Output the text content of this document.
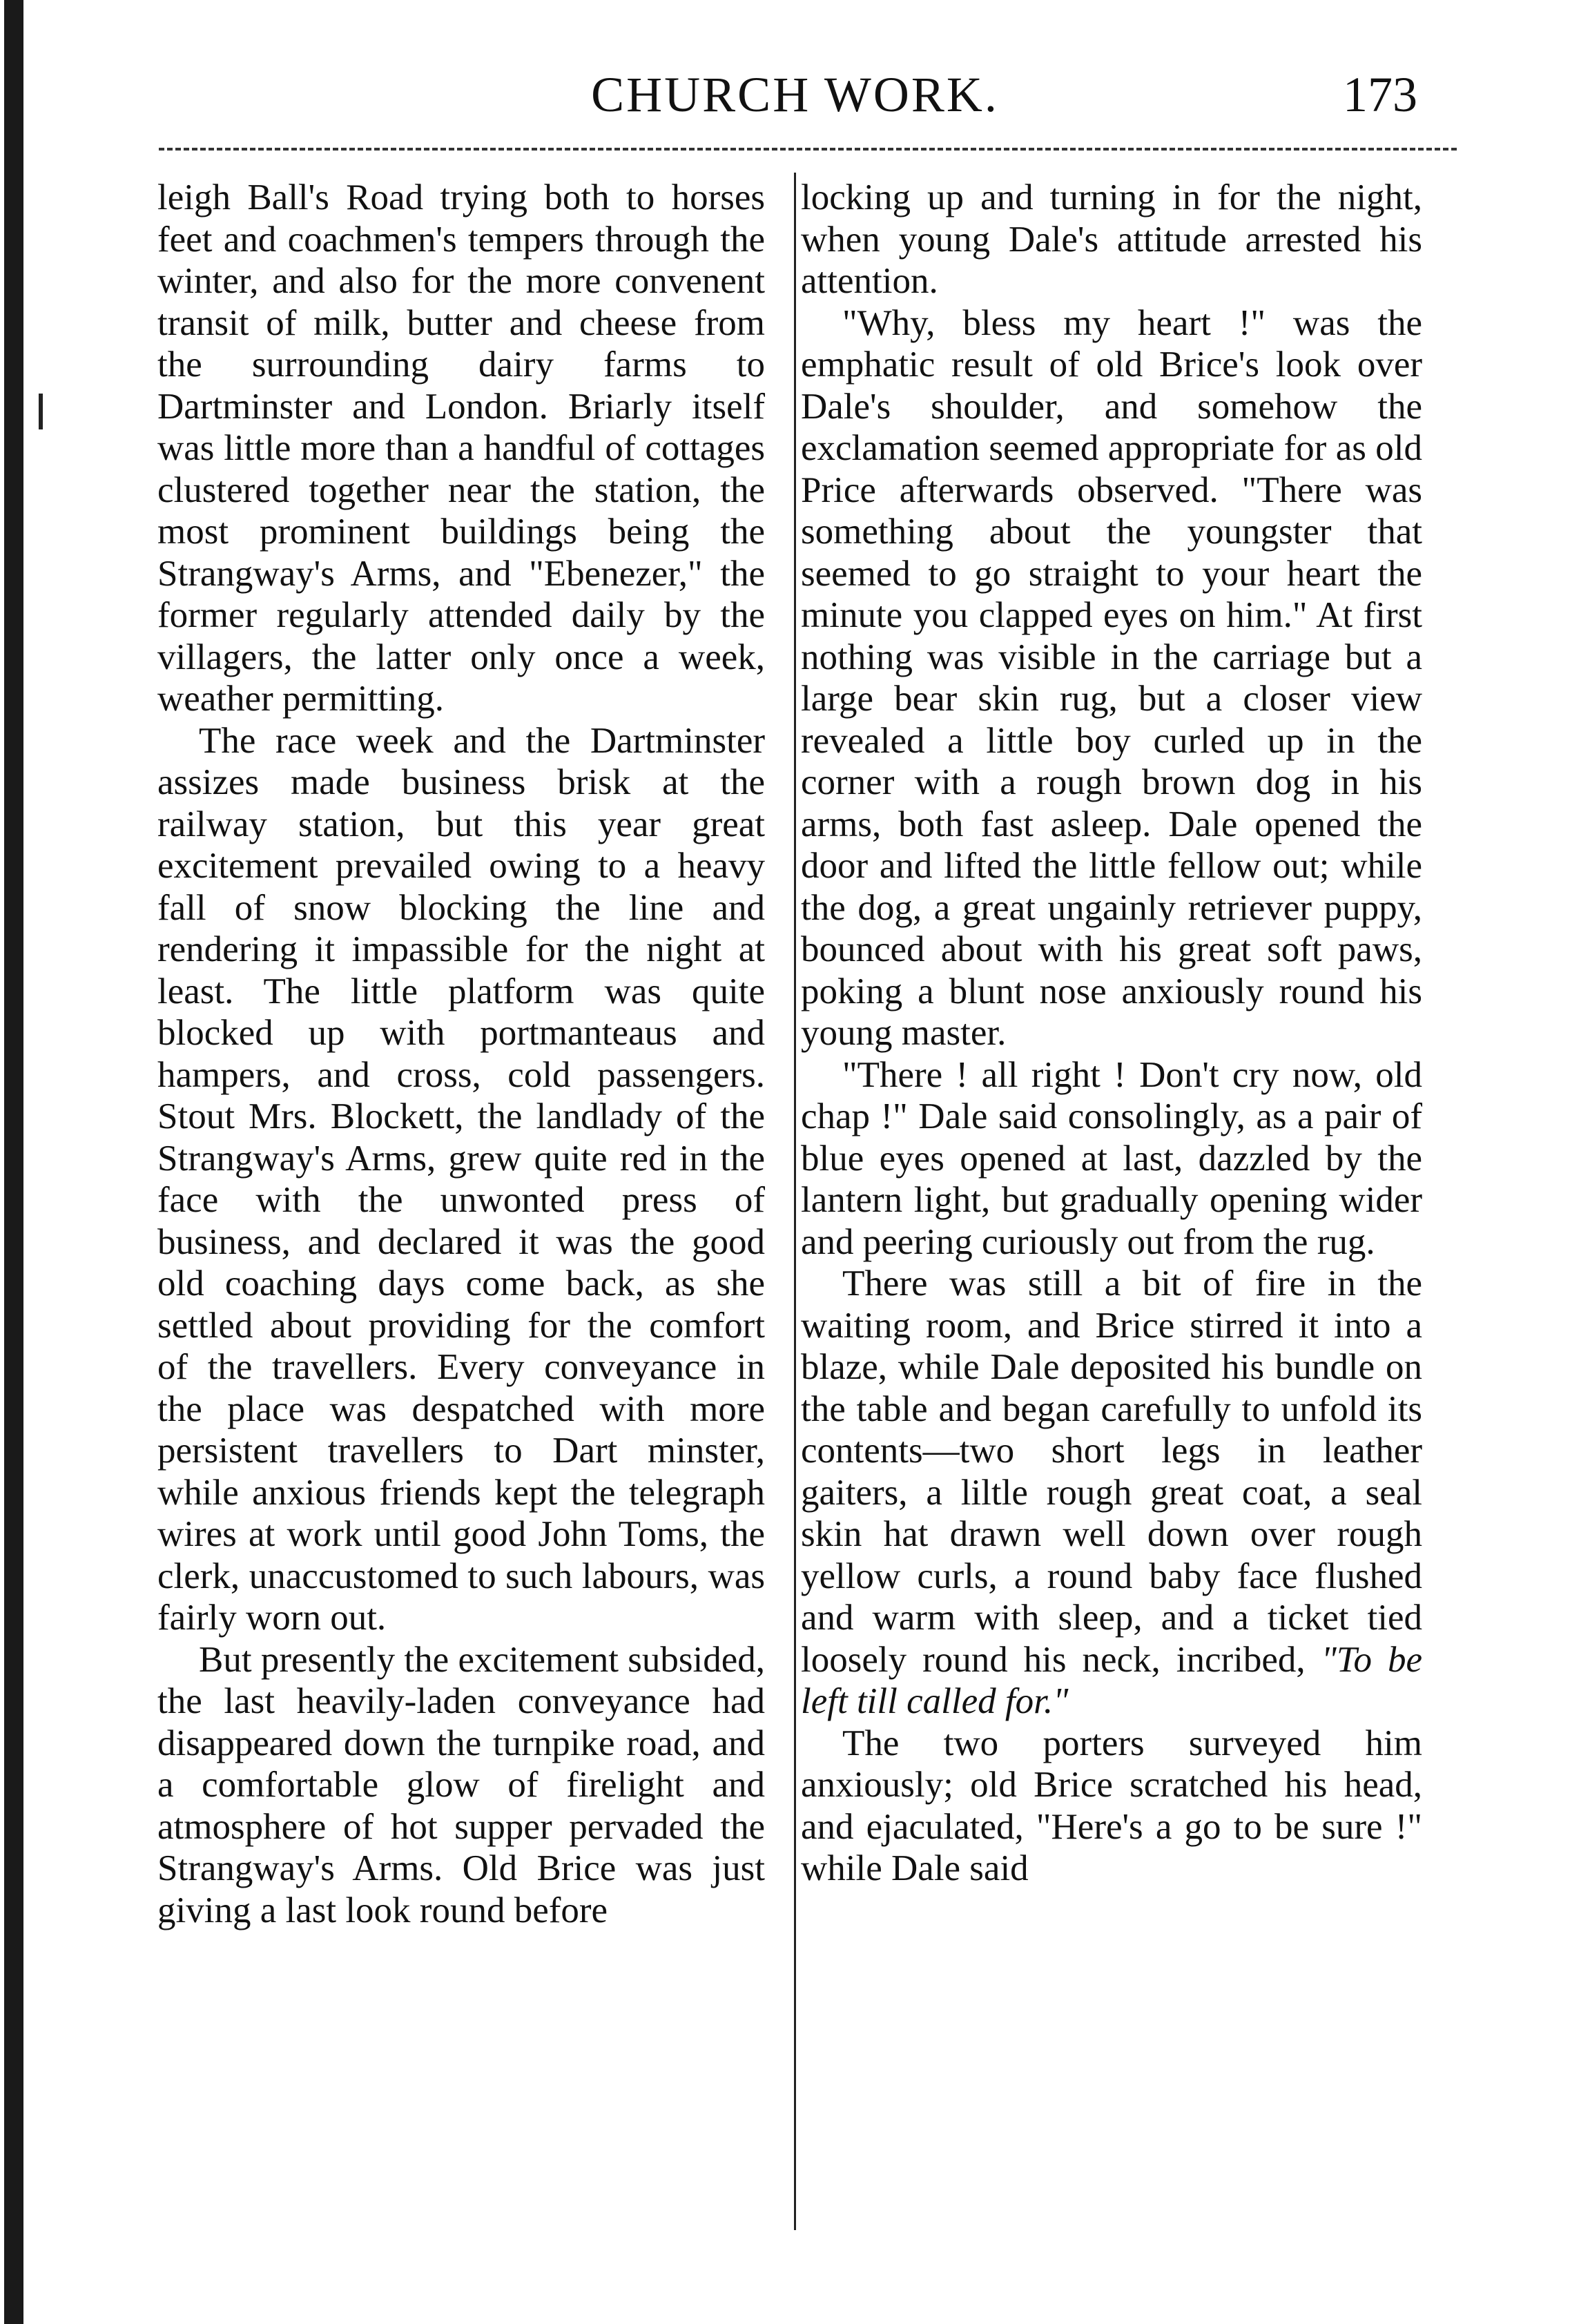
CHURCH WORK.	173

leigh Ball's Road trying both to horses feet and coachmen's tempers through the winter, and also for the more convenent transit of milk, butter and cheese from the surrounding dairy farms to Dartminster and London. Briarly itself was little more than a handful of cottages clustered together near the station, the most prominent buildings being the Strangway's Arms, and "Ebenezer," the former regularly attended daily by the villagers, the latter only once a week, weather permitting.

The race week and the Dartminster assizes made business brisk at the railway station, but this year great excitement prevailed owing to a heavy fall of snow blocking the line and rendering it impassible for the night at least. The little platform was quite blocked up with portmanteaus and hampers, and cross, cold passengers. Stout Mrs. Blockett, the landlady of the Strangway's Arms, grew quite red in the face with the unwonted press of business, and declared it was the good old coaching days come back, as she settled about providing for the comfort of the travellers. Every conveyance in the place was despatched with more persistent travellers to Dart minster, while anxious friends kept the telegraph wires at work until good John Toms, the clerk, unaccustomed to such labours, was fairly worn out.

But presently the excitement subsided, the last heavily-laden conveyance had disappeared down the turnpike road, and a comfortable glow of firelight and atmosphere of hot supper pervaded the Strangway's Arms. Old Brice was just giving a last look round before

locking up and turning in for the night, when young Dale's attitude arrested his attention.

"Why, bless my heart !" was the emphatic result of old Brice's look over Dale's shoulder, and somehow the exclamation seemed appropriate for as old Price afterwards observed. "There was something about the youngster that seemed to go straight to your heart the minute you clapped eyes on him." At first nothing was visible in the carriage but a large bear skin rug, but a closer view revealed a little boy curled up in the corner with a rough brown dog in his arms, both fast asleep. Dale opened the door and lifted the little fellow out; while the dog, a great ungainly retriever puppy, bounced about with his great soft paws, poking a blunt nose anxiously round his young master.

"There ! all right ! Don't cry now, old chap !" Dale said consolingly, as a pair of blue eyes opened at last, dazzled by the lantern light, but gradually opening wider and peering curiously out from the rug.

There was still a bit of fire in the waiting room, and Brice stirred it into a blaze, while Dale deposited his bundle on the table and began carefully to unfold its contents—two short legs in leather gaiters, a liltle rough great coat, a seal skin hat drawn well down over rough yellow curls, a round baby face flushed and warm with sleep, and a ticket tied loosely round his neck, incribed, "To be left till called for."

The two porters surveyed him anxiously; old Brice scratched his head, and ejaculated, "Here's a go to be sure !" while Dale said
